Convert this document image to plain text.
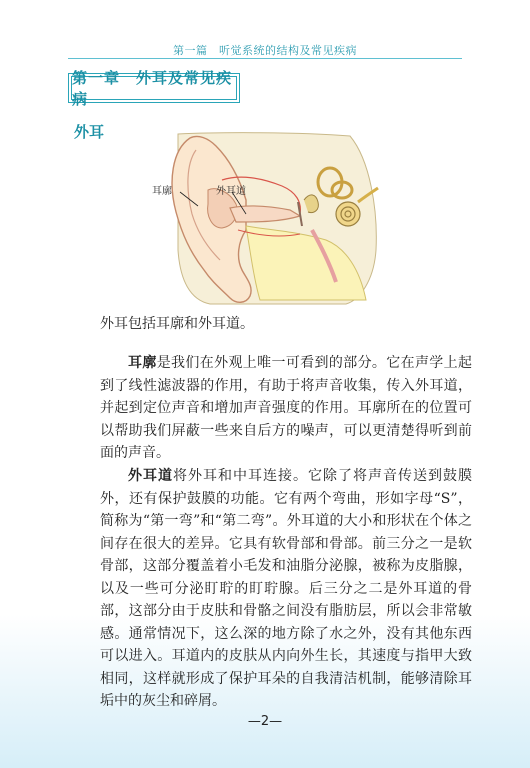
第一篇　听觉系统的结构及常见疾病
第一章　外耳及常见疾病
外耳
耳廓	外耳道
外耳包括耳廓和外耳道。

耳廓是我们在外观上唯一可看到的部分。它在声学上起到了线性滤波器的作用，有助于将声音收集，传入外耳道，并起到定位声音和增加声音强度的作用。耳廓所在的位置可以帮助我们屏蔽一些来自后方的噪声，可以更清楚得听到前面的声音。

外耳道将外耳和中耳连接。它除了将声音传送到鼓膜外，还有保护鼓膜的功能。它有两个弯曲，形如字母“S”，简称为“第一弯”和“第二弯”。外耳道的大小和形状在个体之间存在很大的差异。它具有软骨部和骨部。前三分之一是软骨部，这部分覆盖着小毛发和油脂分泌腺，被称为皮脂腺，以及一些可分泌盯聍的盯聍腺。后三分之二是外耳道的骨部，这部分由于皮肤和骨骼之间没有脂肪层，所以会非常敏感。通常情况下，这么深的地方除了水之外，没有其他东西可以进入。耳道内的皮肤从内向外生长，其速度与指甲大致相同，这样就形成了保护耳朵的自我清洁机制，能够清除耳垢中的灰尘和碎屑。

—2—
